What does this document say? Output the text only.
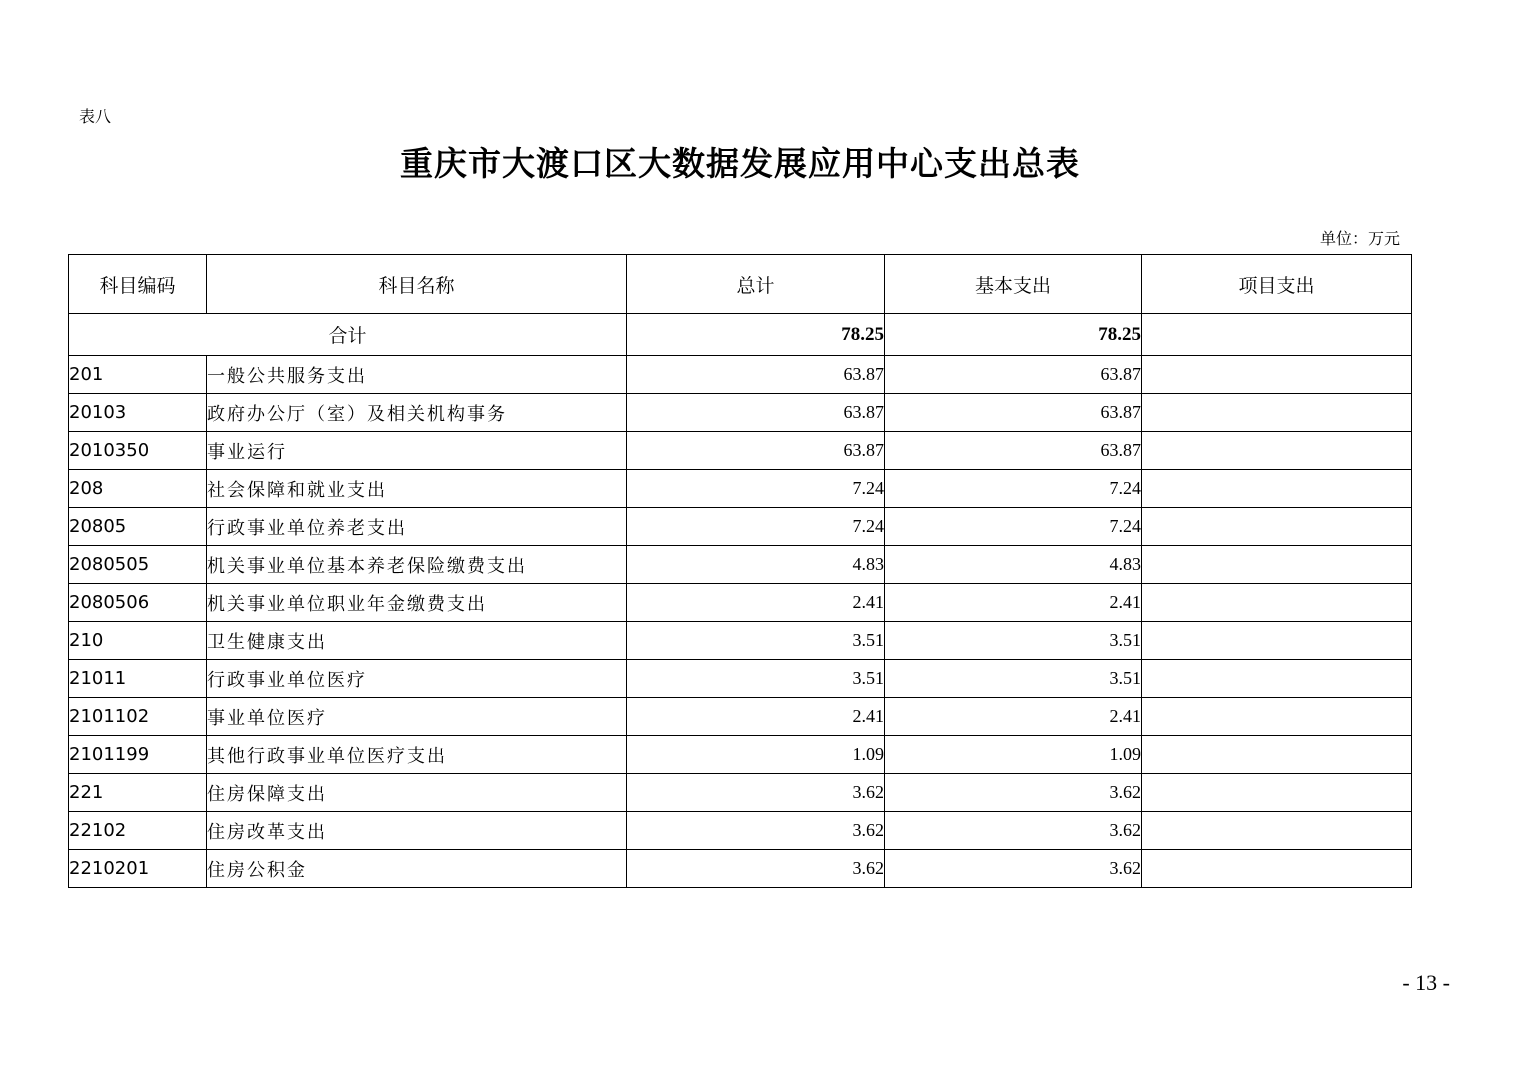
表八
重庆市大渡口区大数据发展应用中心支出总表
单位：万元
科目编码	科目名称	总计	基本支出	项目支出
合计		78.25	78.25	
201	一般公共服务支出	63.87	63.87	
20103	政府办公厅（室）及相关机构事务	63.87	63.87	
2010350	事业运行	63.87	63.87	
208	社会保障和就业支出	7.24	7.24	
20805	行政事业单位养老支出	7.24	7.24	
2080505	机关事业单位基本养老保险缴费支出	4.83	4.83	
2080506	机关事业单位职业年金缴费支出	2.41	2.41	
210	卫生健康支出	3.51	3.51	
21011	行政事业单位医疗	3.51	3.51	
2101102	事业单位医疗	2.41	2.41	
2101199	其他行政事业单位医疗支出	1.09	1.09	
221	住房保障支出	3.62	3.62	
22102	住房改革支出	3.62	3.62	
2210201	住房公积金	3.62	3.62	
- 13 -
